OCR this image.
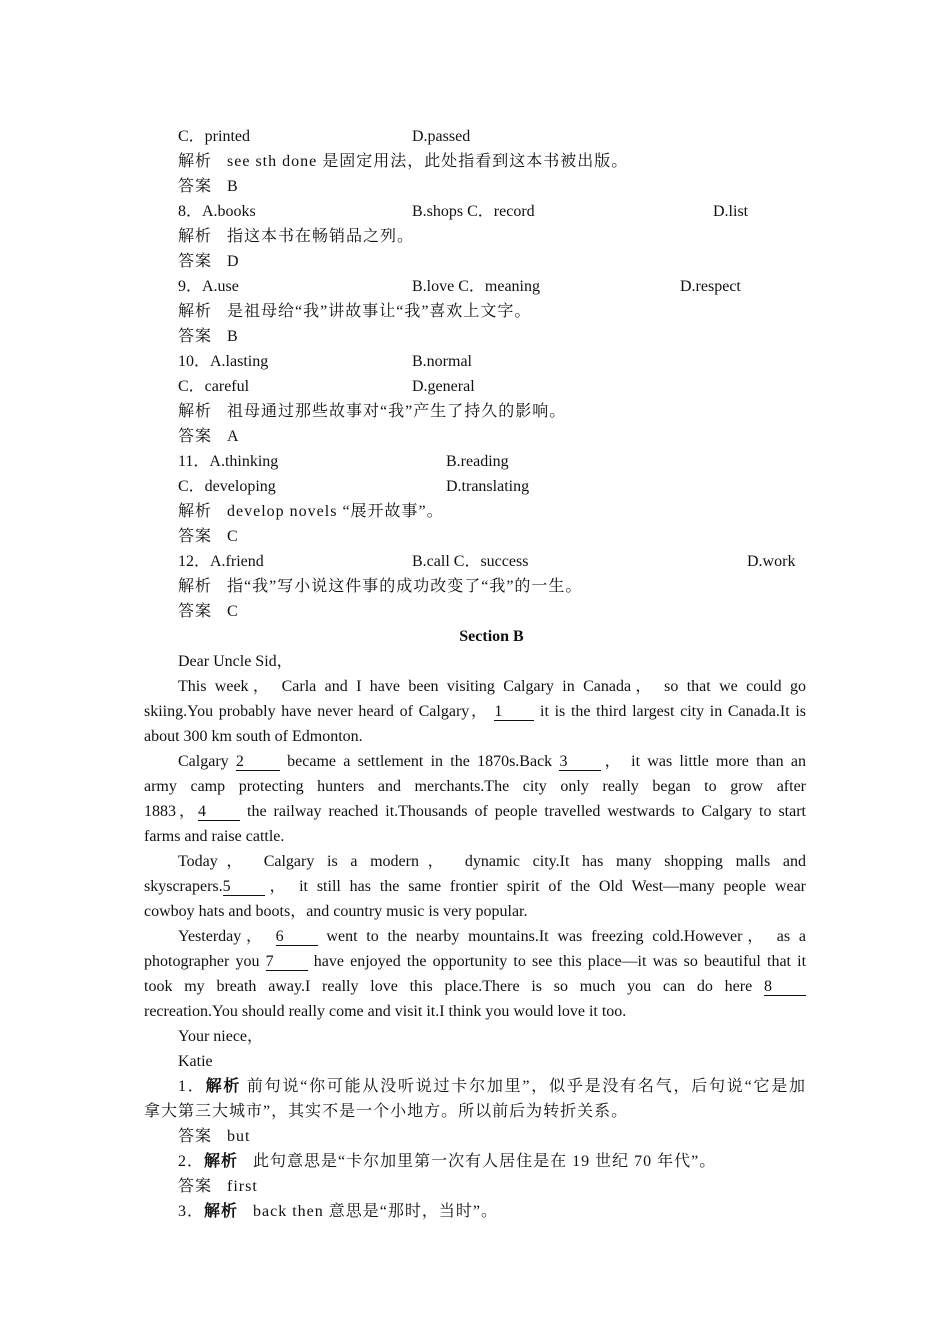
C．printed	D.passed
解析 see sth done 是固定用法，此处指看到这本书被出版。
答案 B
8．A.books	B.shops C．record	D.list
解析 指这本书在畅销品之列。
答案 D
9．A.use	B.love C．meaning	D.respect
解析 是祖母给“我”讲故事让“我”喜欢上文字。
答案 B
10．A.lasting	B.normal
C．careful	D.general
解析 祖母通过那些故事对“我”产生了持久的影响。
答案 A
11．A.thinking	B.reading
C．developing	D.translating
解析 develop novels “展开故事”。
答案 C
12．A.friend	B.call C．success	D.work
解析 指“我”写小说这件事的成功改变了“我”的一生。
答案 C
Section B
Dear Uncle Sid，
This week， Carla and I have been visiting Calgary in Canada， so that we could go
skiing.You probably have never heard of Calgary， 1 it is the third largest city in Canada.It is
about 300 km south of Edmonton.
Calgary 2	became a settlement in the 1870s.Back 3 ， it was little more than an
army camp protecting hunters and merchants.The city only really began to grow after
1883，4	the railway reached it.Thousands of people travelled westwards to Calgary to start
farms and raise cattle.
Today， Calgary is a modern， dynamic city.It has many shopping malls and
skyscrapers.5 ， it still has the same frontier spirit of the Old West—many people wear
cowboy hats and boots，and country music is very popular.
Yesterday， 6	went to the nearby mountains.It was freezing cold.However， as a
photographer you 7	have enjoyed the opportunity to see this place—it was so beautiful that it
took my breath away.I really love this place.There is so much you can do here 8
recreation.You should really come and visit it.I think you would love it too.
Your niece，
Katie
1．解析 前句说“你可能从没听说过卡尔加里”，似乎是没有名气，后句说“它是加
拿大第三大城市”，其实不是一个小地方。所以前后为转折关系。
答案 but
2．解析 此句意思是“卡尔加里第一次有人居住是在 19 世纪 70 年代”。
答案 first
3．解析 back then 意思是“那时，当时”。
